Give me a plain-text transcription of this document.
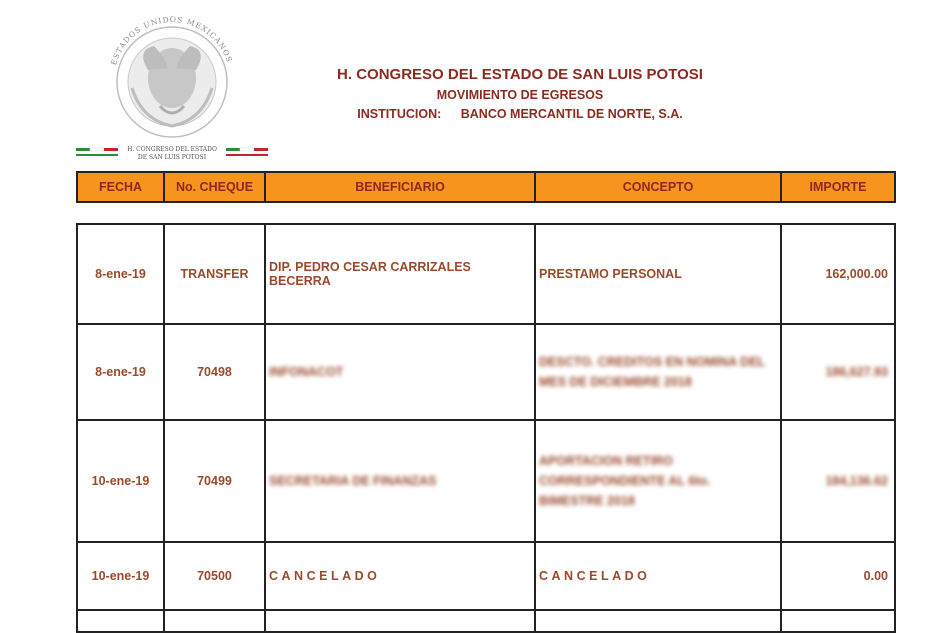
ESTADOS UNIDOS MEXICANOS
H. CONGRESO DEL ESTADO
DE SAN LUIS POTOSI
H. CONGRESO DEL ESTADO DE SAN LUIS POTOSI
MOVIMIENTO DE EGRESOS
INSTITUCION: BANCO MERCANTIL DE NORTE, S.A.
FECHA	No. CHEQUE	BENEFICIARIO	CONCEPTO	IMPORTE
8-ene-19	TRANSFER	DIP. PEDRO CESAR CARRIZALES BECERRA	PRESTAMO PERSONAL	162,000.00
8-ene-19	70498	INFONACOT	DESCTO. CREDITOS EN NOMINA DEL
MES DE DICIEMBRE 2018	186,627.93
10-ene-19	70499	SECRETARIA DE FINANZAS	APORTACION RETIRO
CORRESPONDIENTE AL 6to.
BIMESTRE 2018	184,136.62
10-ene-19	70500	CANCELADO	CANCELADO	0.00
